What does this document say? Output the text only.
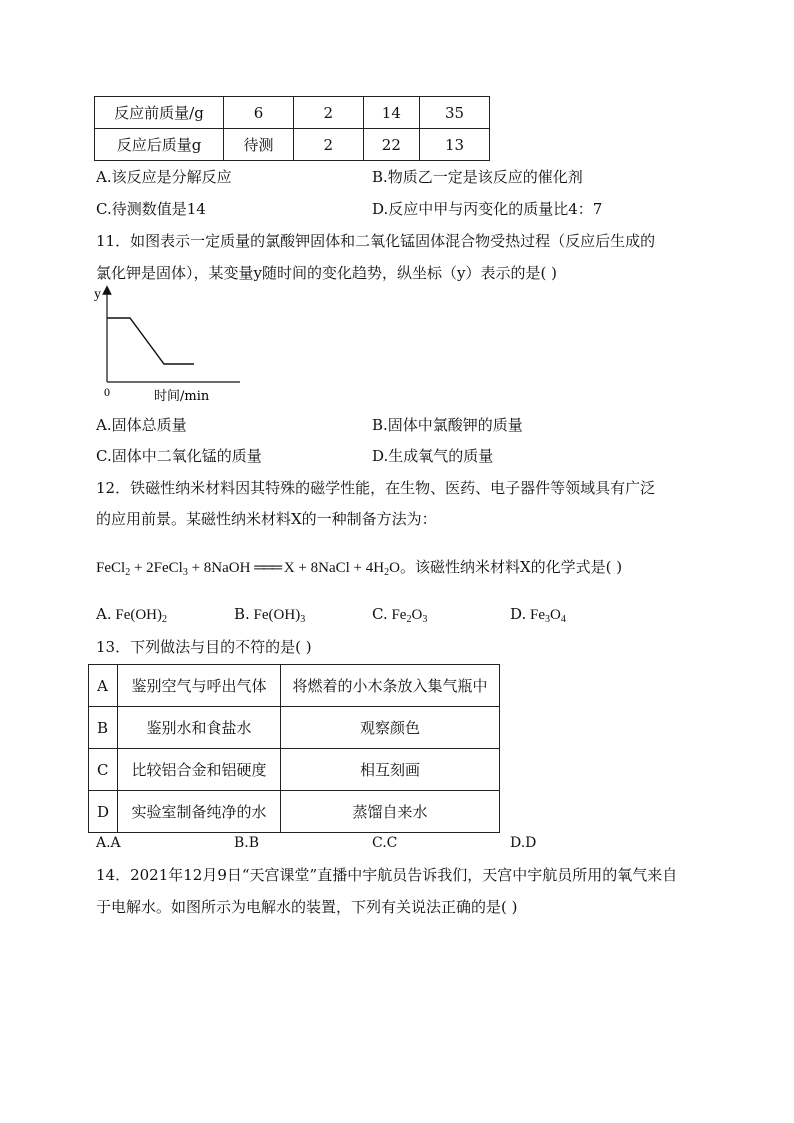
反应前质量/g	6	2	14	35
反应后质量g	待测	2	22	13
A.该反应是分解反应	B.物质乙一定是该反应的催化剂
C.待测数值是14	D.反应中甲与丙变化的质量比4：7
11．如图表示一定质量的氯酸钾固体和二氧化锰固体混合物受热过程（反应后生成的
氯化钾是固体），某变量y随时间的变化趋势，纵坐标（y）表示的是( )
y
0	时间/min
A.固体总质量	B.固体中氯酸钾的质量
C.固体中二氧化锰的质量	D.生成氧气的质量
12．铁磁性纳米材料因其特殊的磁学性能，在生物、医药、电子器件等领域具有广泛
的应用前景。某磁性纳米材料X的一种制备方法为：
FeCl$_2$ + 2FeCl$_3$ + 8NaOH ═══ X + 8NaCl + $4H_2O$。该磁性纳米材料X的化学式是( )
A. $Fe(OH)_2$	B. $Fe(OH)_3$	C. $Fe_2O_3$	D. $Fe_3O_4$
13．下列做法与目的不符的是( )
A	鉴别空气与呼出气体	将燃着的小木条放入集气瓶中
B	鉴别水和食盐水	观察颜色
C	比较铝合金和铝硬度	相互刻画
D	实验室制备纯净的水	蒸馏自来水
A.A	B.B	C.C	D.D
14．2021年12月9日“天宫课堂”直播中宇航员告诉我们，天宫中宇航员所用的氧气来自
于电解水。如图所示为电解水的装置，下列有关说法正确的是( )
